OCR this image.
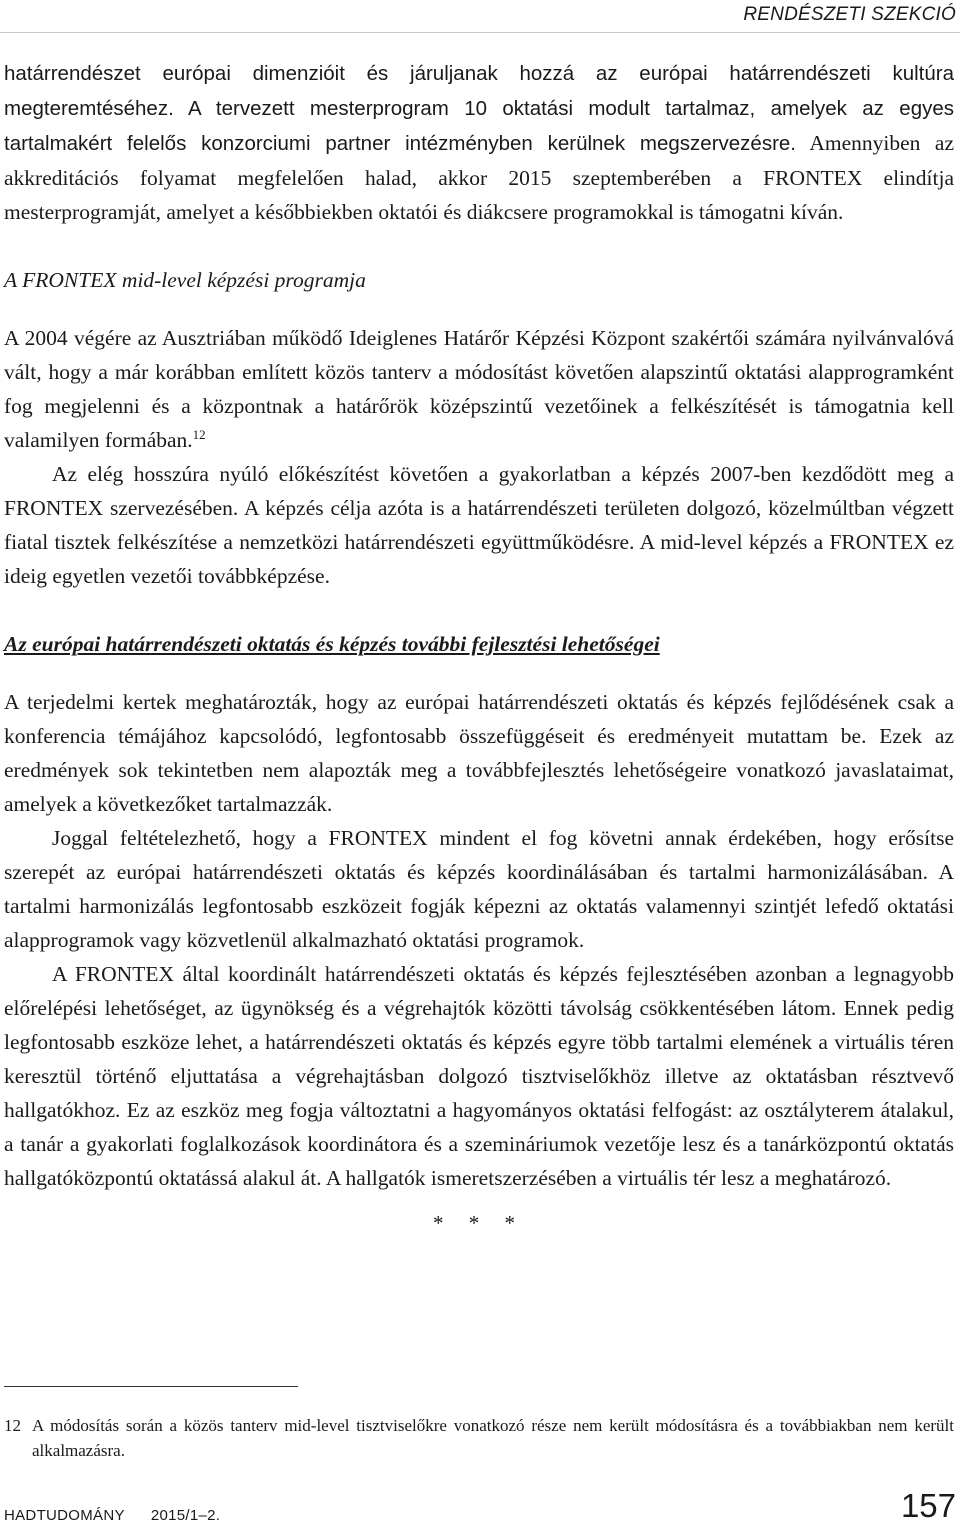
RENDÉSZETI SZEKCIÓ

határrendészet európai dimenzióit és járuljanak hozzá az európai határrendészeti kultúra megteremtéséhez. A tervezett mesterprogram 10 oktatási modult tartalmaz, amelyek az egyes tartalmakért felelős konzorciumi partner intézményben kerülnek megszervezésre. Amennyiben az akkreditációs folyamat megfelelően halad, akkor 2015 szeptemberében a FRONTEX elindítja mesterprogramját, amelyet a későbbiekben oktatói és diákcsere programokkal is támogatni kíván.

A FRONTEX mid-level képzési programja

A 2004 végére az Ausztriában működő Ideiglenes Határőr Képzési Központ szakértői számára nyilvánvalóvá vált, hogy a már korábban említett közös tanterv a módosítást követően alapszintű oktatási alapprogramként fog megjelenni és a központnak a határőrök középszintű vezetőinek a felkészítését is támogatnia kell valamilyen formában.$^{12}$

Az elég hosszúra nyúló előkészítést követően a gyakorlatban a képzés 2007-ben kezdődött meg a FRONTEX szervezésében. A képzés célja azóta is a határrendészeti területen dolgozó, közelmúltban végzett fiatal tisztek felkészítése a nemzetközi határrendészeti együttműködésre. A mid-level képzés a FRONTEX ez ideig egyetlen vezetői továbbképzése.

Az európai határrendészeti oktatás és képzés további fejlesztési lehetőségei

A terjedelmi kertek meghatározták, hogy az európai határrendészeti oktatás és képzés fejlődésének csak a konferencia témájához kapcsolódó, legfontosabb összefüggéseit és eredményeit mutattam be. Ezek az eredmények sok tekintetben nem alapozták meg a továbbfejlesztés lehetőségeire vonatkozó javaslataimat, amelyek a következőket tartalmazzák.

Joggal feltételezhető, hogy a FRONTEX mindent el fog követni annak érdekében, hogy erősítse szerepét az európai határrendészeti oktatás és képzés koordinálásában és tartalmi harmonizálásában. A tartalmi harmonizálás legfontosabb eszközeit fogják képezni az oktatás valamennyi szintjét lefedő oktatási alapprogramok vagy közvetlenül alkalmazható oktatási programok.

A FRONTEX által koordinált határrendészeti oktatás és képzés fejlesztésében azonban a legnagyobb előrelépési lehetőséget, az ügynökség és a végrehajtók közötti távolság csökkentésében látom. Ennek pedig legfontosabb eszköze lehet, a határrendészeti oktatás és képzés egyre több tartalmi elemének a virtuális téren keresztül történő eljuttatása a végrehajtásban dolgozó tisztviselőkhöz illetve az oktatásban résztvevő hallgatókhoz. Ez az eszköz meg fogja változtatni a hagyományos oktatási felfogást: az osztályterem átalakul, a tanár a gyakorlati foglalkozások koordinátora és a szemináriumok vezetője lesz és a tanárközpontú oktatás hallgatóközpontú oktatássá alakul át. A hallgatók ismeretszerzésében a virtuális tér lesz a meghatározó.

* * *
12 A módosítás során a közös tanterv mid-level tisztviselőkre vonatkozó része nem került módosításra és a továbbiakban nem került alkalmazásra.
HADTUDOMÁNY 2015/1–2.	157
